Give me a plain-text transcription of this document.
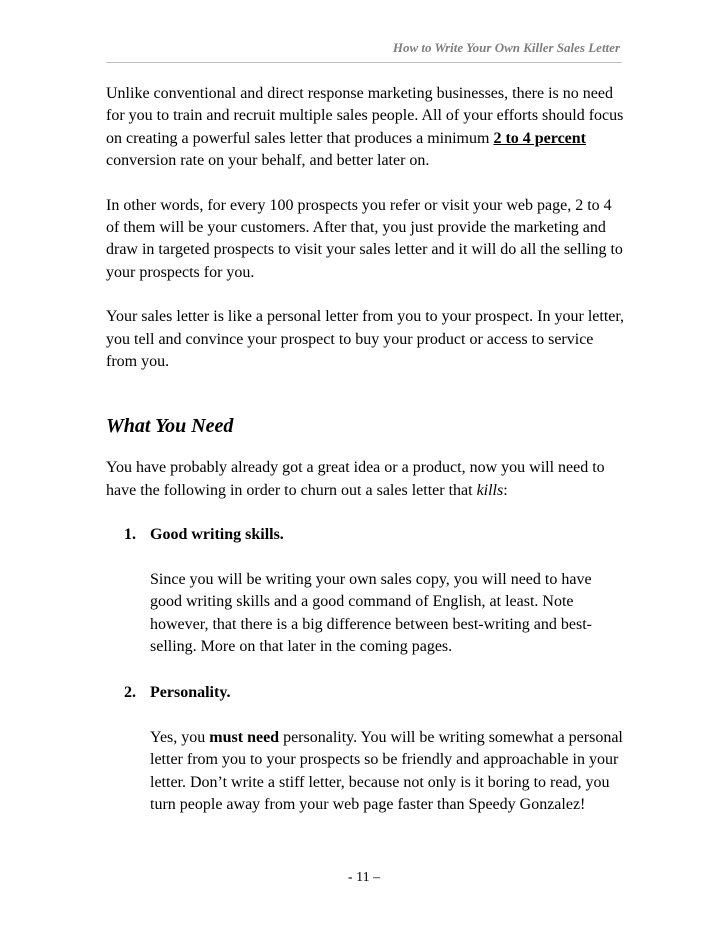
How to Write Your Own Killer Sales Letter

Unlike conventional and direct response marketing businesses, there is no need for you to train and recruit multiple sales people. All of your efforts should focus on creating a powerful sales letter that produces a minimum 2 to 4 percent conversion rate on your behalf, and better later on.

In other words, for every 100 prospects you refer or visit your web page, 2 to 4 of them will be your customers. After that, you just provide the marketing and draw in targeted prospects to visit your sales letter and it will do all the selling to your prospects for you.

Your sales letter is like a personal letter from you to your prospect. In your letter, you tell and convince your prospect to buy your product or access to service from you.

What You Need

You have probably already got a great idea or a product, now you will need to have the following in order to churn out a sales letter that kills:

1. Good writing skills.

Since you will be writing your own sales copy, you will need to have good writing skills and a good command of English, at least. Note however, that there is a big difference between best-writing and best-selling. More on that later in the coming pages.

2. Personality.

Yes, you must need personality. You will be writing somewhat a personal letter from you to your prospects so be friendly and approachable in your letter. Don’t write a stiff letter, because not only is it boring to read, you turn people away from your web page faster than Speedy Gonzalez!

- 11 –
